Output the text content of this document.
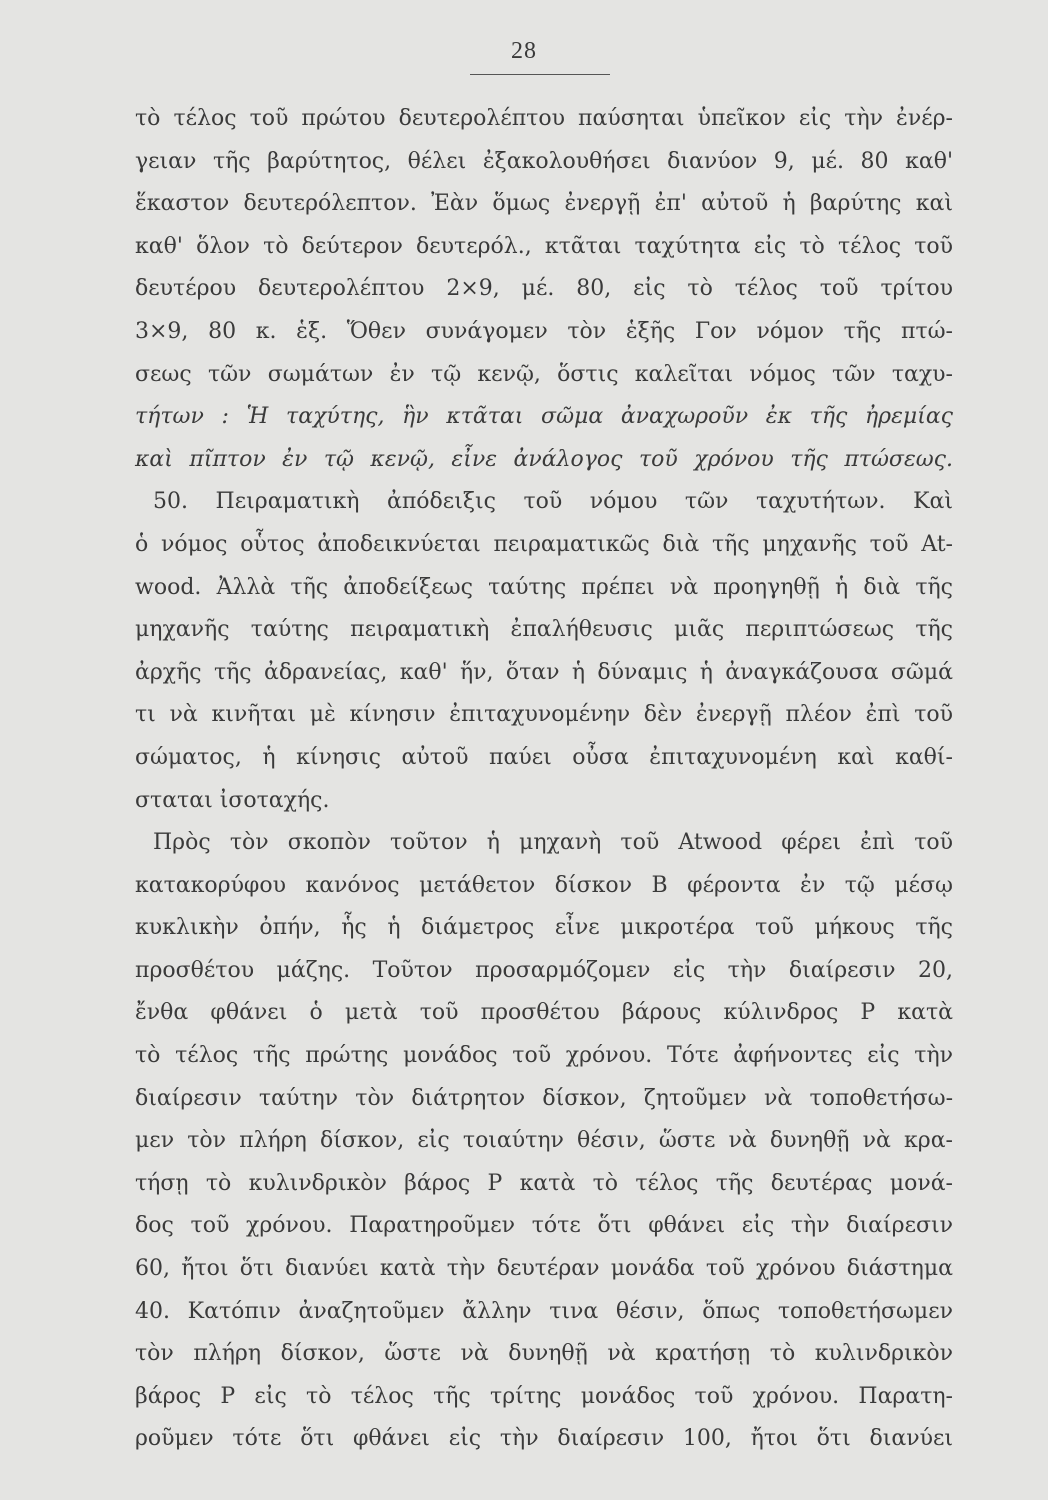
28
τὸ τέλος τοῦ πρώτου δευτερολέπτου παύσηται ὑπεῖκον εἰς τὴν ἐνέρ-
γειαν τῆς βαρύτητος, θέλει ἐξακολουθήσει διανύον 9, μέ. 80 καθ'
ἕκαστον δευτερόλεπτον. Ἐὰν ὅμως ἐνεργῇ ἐπ' αὐτοῦ ἡ βαρύτης καὶ
καθ' ὅλον τὸ δεύτερον δευτερόλ., κτᾶται ταχύτητα εἰς τὸ τέλος τοῦ
δευτέρου δευτερολέπτου 2×9, μέ. 80, εἰς τὸ τέλος τοῦ τρίτου
3×9, 80 κ. ἑξ. Ὅθεν συνάγομεν τὸν ἑξῆς Γον νόμον τῆς πτώ-
σεως τῶν σωμάτων ἐν τῷ κενῷ, ὅστις καλεῖται νόμος τῶν ταχυ-
τήτων : Ἡ ταχύτης, ἣν κτᾶται σῶμα ἀναχωροῦν ἐκ τῆς ἠρεμίας
καὶ πῖπτον ἐν τῷ κενῷ, εἶνε ἀνάλογος τοῦ χρόνου τῆς πτώσεως.
50. Πειραματικὴ ἀπόδειξις τοῦ νόμου τῶν ταχυτήτων. Καὶ
ὁ νόμος οὗτος ἀποδεικνύεται πειραματικῶς διὰ τῆς μηχανῆς τοῦ At-
wood. Ἀλλὰ τῆς ἀποδείξεως ταύτης πρέπει νὰ προηγηθῇ ἡ διὰ τῆς
μηχανῆς ταύτης πειραματικὴ ἐπαλήθευσις μιᾶς περιπτώσεως τῆς
ἀρχῆς τῆς ἀδρανείας, καθ' ἥν, ὅταν ἡ δύναμις ἡ ἀναγκάζουσα σῶμά
τι νὰ κινῆται μὲ κίνησιν ἐπιταχυνομένην δὲν ἐνεργῇ πλέον ἐπὶ τοῦ
σώματος, ἡ κίνησις αὐτοῦ παύει οὖσα ἐπιταχυνομένη καὶ καθί-
σταται ἰσοταχής.
Πρὸς τὸν σκοπὸν τοῦτον ἡ μηχανὴ τοῦ Atwood φέρει ἐπὶ τοῦ
κατακορύφου κανόνος μετάθετον δίσκον Β φέροντα ἐν τῷ μέσῳ
κυκλικὴν ὀπήν, ἧς ἡ διάμετρος εἶνε μικροτέρα τοῦ μήκους τῆς
προσθέτου μάζης. Τοῦτον προσαρμόζομεν εἰς τὴν διαίρεσιν 20,
ἔνθα φθάνει ὁ μετὰ τοῦ προσθέτου βάρους κύλινδρος Ρ κατὰ
τὸ τέλος τῆς πρώτης μονάδος τοῦ χρόνου. Τότε ἀφήνοντες εἰς τὴν
διαίρεσιν ταύτην τὸν διάτρητον δίσκον, ζητοῦμεν νὰ τοποθετήσω-
μεν τὸν πλήρη δίσκον, εἰς τοιαύτην θέσιν, ὥστε νὰ δυνηθῇ νὰ κρα-
τήσῃ τὸ κυλινδρικὸν βάρος Ρ κατὰ τὸ τέλος τῆς δευτέρας μονά-
δος τοῦ χρόνου. Παρατηροῦμεν τότε ὅτι φθάνει εἰς τὴν διαίρεσιν
60, ἤτοι ὅτι διανύει κατὰ τὴν δευτέραν μονάδα τοῦ χρόνου διάστημα
40. Κατόπιν ἀναζητοῦμεν ἄλλην τινα θέσιν, ὅπως τοποθετήσωμεν
τὸν πλήρη δίσκον, ὥστε νὰ δυνηθῇ νὰ κρατήσῃ τὸ κυλινδρικὸν
βάρος Ρ εἰς τὸ τέλος τῆς τρίτης μονάδος τοῦ χρόνου. Παρατη-
ροῦμεν τότε ὅτι φθάνει εἰς τὴν διαίρεσιν 100, ἤτοι ὅτι διανύει
